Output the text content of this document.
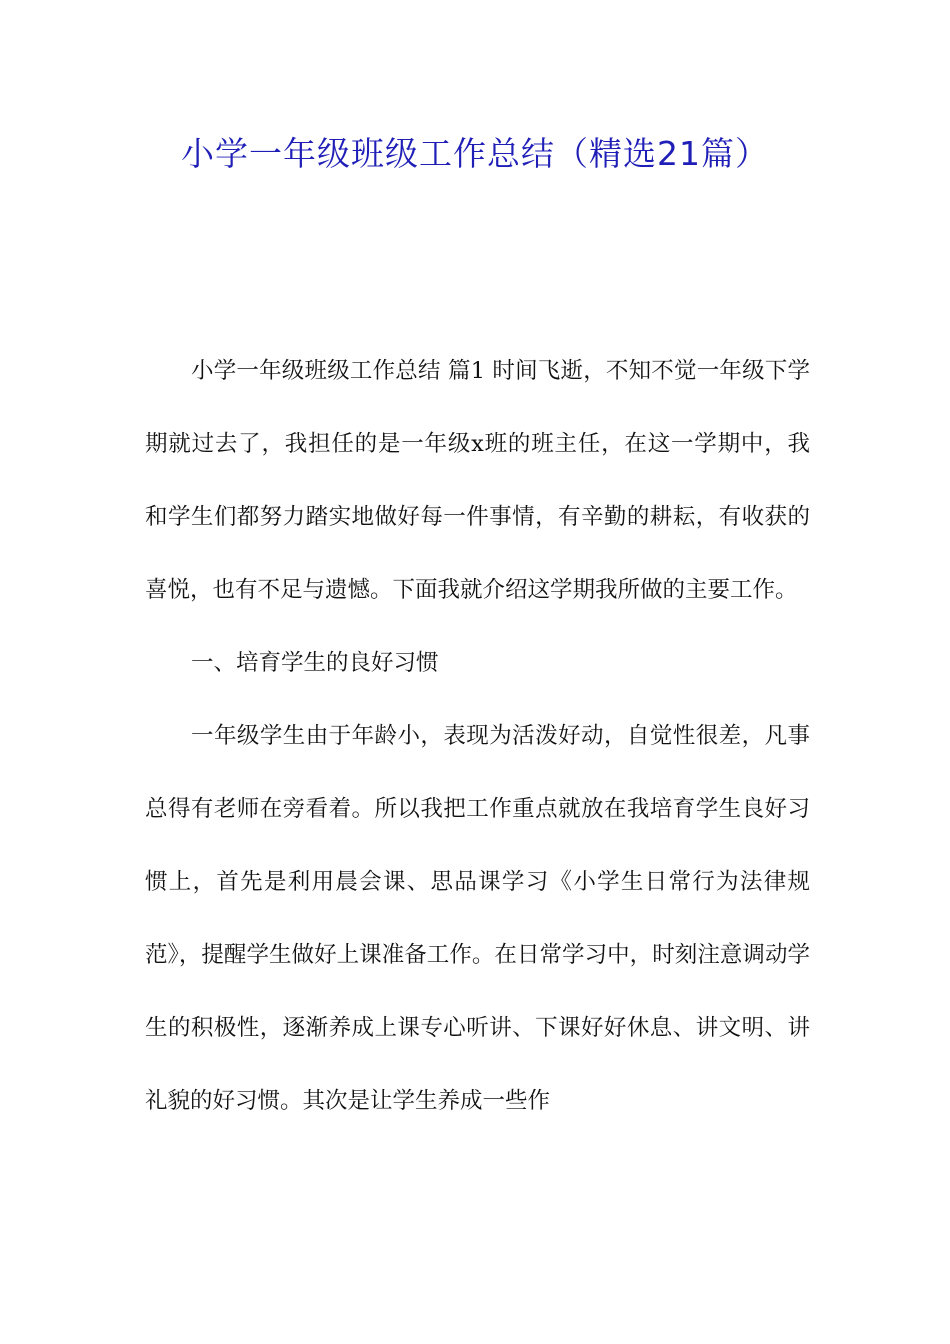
小学一年级班级工作总结（精选21篇）

小学一年级班级工作总结 篇1 时间飞逝，不知不觉一年级下学期就过去了，我担任的是一年级x班的班主任，在这一学期中，我和学生们都努力踏实地做好每一件事情，有辛勤的耕耘，有收获的喜悦，也有不足与遗憾。下面我就介绍这学期我所做的主要工作。

一、培育学生的良好习惯

一年级学生由于年龄小，表现为活泼好动，自觉性很差，凡事总得有老师在旁看着。所以我把工作重点就放在我培育学生良好习惯上，首先是利用晨会课、思品课学习《小学生日常行为法律规范》，提醒学生做好上课准备工作。在日常学习中，时刻注意调动学生的积极性，逐渐养成上课专心听讲、下课好好休息、讲文明、讲礼貌的好习惯。其次是让学生养成一些作
